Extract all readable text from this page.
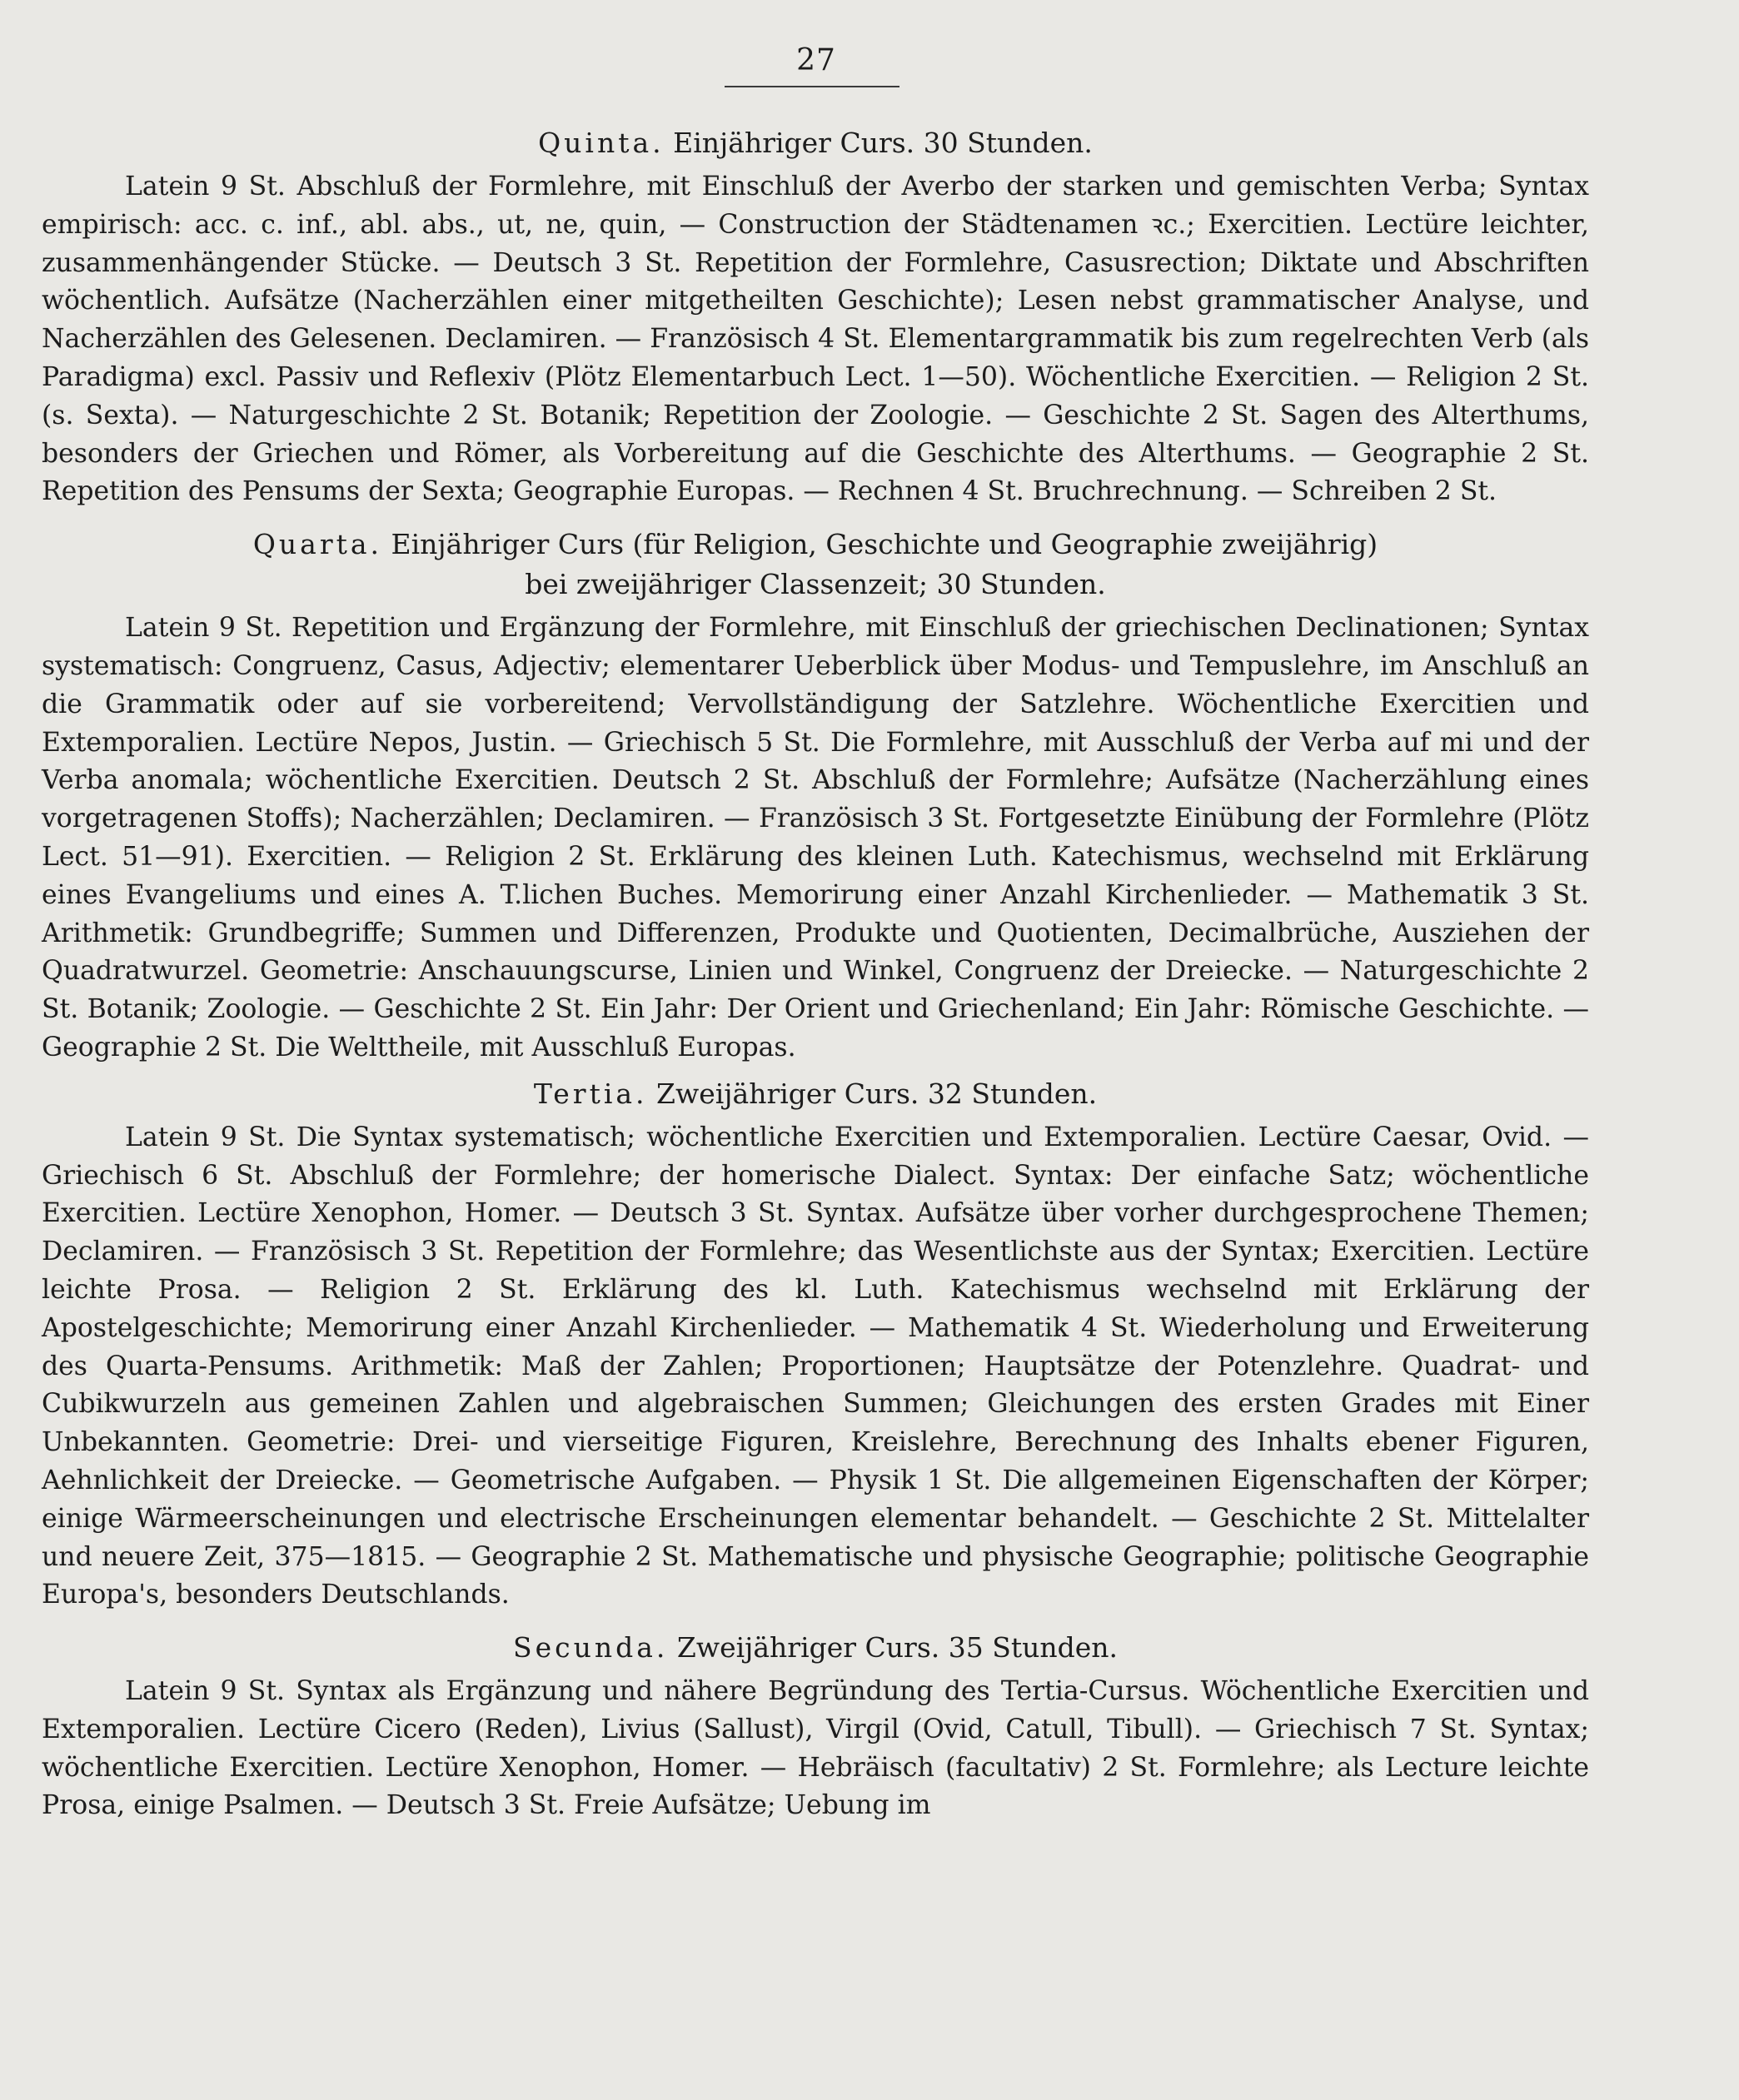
27
Quinta. Einjähriger Curs. 30 Stunden.

Latein 9 St. Abschluß der Formlehre, mit Einschluß der Averbo der starken und gemischten Verba; Syntax empirisch: acc. c. inf., abl. abs., ut, ne, quin, — Construction der Städtenamen ꝛc.; Exercitien. Lectüre leichter, zusammenhängender Stücke. — Deutsch 3 St. Repetition der Formlehre, Casusrection; Diktate und Abschriften wöchentlich. Aufsätze (Nacherzählen einer mitgetheilten Geschichte); Lesen nebst grammatischer Analyse, und Nacherzählen des Gelesenen. Declamiren. — Französisch 4 St. Elementargrammatik bis zum regelrechten Verb (als Paradigma) excl. Passiv und Reflexiv (Plötz Elementarbuch Lect. 1—50). Wöchentliche Exercitien. — Religion 2 St. (s. Sexta). — Naturgeschichte 2 St. Botanik; Repetition der Zoologie. — Geschichte 2 St. Sagen des Alterthums, besonders der Griechen und Römer, als Vorbereitung auf die Geschichte des Alterthums. — Geographie 2 St. Repetition des Pensums der Sexta; Geographie Europas. — Rechnen 4 St. Bruchrechnung. — Schreiben 2 St.

Quarta. Einjähriger Curs (für Religion, Geschichte und Geographie zweijährig)
bei zweijähriger Classenzeit; 30 Stunden.

Latein 9 St. Repetition und Ergänzung der Formlehre, mit Einschluß der griechischen Declinationen; Syntax systematisch: Congruenz, Casus, Adjectiv; elementarer Ueberblick über Modus- und Tempuslehre, im Anschluß an die Grammatik oder auf sie vorbereitend; Vervollständigung der Satzlehre. Wöchentliche Exercitien und Extemporalien. Lectüre Nepos, Justin. — Griechisch 5 St. Die Formlehre, mit Ausschluß der Verba auf mi und der Verba anomala; wöchentliche Exercitien. Deutsch 2 St. Abschluß der Formlehre; Aufsätze (Nacherzählung eines vorgetragenen Stoffs); Nacherzählen; Declamiren. — Französisch 3 St. Fortgesetzte Einübung der Formlehre (Plötz Lect. 51—91). Exercitien. — Religion 2 St. Erklärung des kleinen Luth. Katechismus, wechselnd mit Erklärung eines Evangeliums und eines A. T.lichen Buches. Memorirung einer Anzahl Kirchenlieder. — Mathematik 3 St. Arithmetik: Grundbegriffe; Summen und Differenzen, Produkte und Quotienten, Decimalbrüche, Ausziehen der Quadratwurzel. Geometrie: Anschauungscurse, Linien und Winkel, Congruenz der Dreiecke. — Naturgeschichte 2 St. Botanik; Zoologie. — Geschichte 2 St. Ein Jahr: Der Orient und Griechenland; Ein Jahr: Römische Geschichte. — Geographie 2 St. Die Welttheile, mit Ausschluß Europas.

Tertia. Zweijähriger Curs. 32 Stunden.

Latein 9 St. Die Syntax systematisch; wöchentliche Exercitien und Extemporalien. Lectüre Caesar, Ovid. — Griechisch 6 St. Abschluß der Formlehre; der homerische Dialect. Syntax: Der einfache Satz; wöchentliche Exercitien. Lectüre Xenophon, Homer. — Deutsch 3 St. Syntax. Aufsätze über vorher durchgesprochene Themen; Declamiren. — Französisch 3 St. Repetition der Formlehre; das Wesentlichste aus der Syntax; Exercitien. Lectüre leichte Prosa. — Religion 2 St. Erklärung des kl. Luth. Katechismus wechselnd mit Erklärung der Apostelgeschichte; Memorirung einer Anzahl Kirchenlieder. — Mathematik 4 St. Wiederholung und Erweiterung des Quarta-Pensums. Arithmetik: Maß der Zahlen; Proportionen; Hauptsätze der Potenzlehre. Quadrat- und Cubikwurzeln aus gemeinen Zahlen und algebraischen Summen; Gleichungen des ersten Grades mit Einer Unbekannten. Geometrie: Drei- und vierseitige Figuren, Kreislehre, Berechnung des Inhalts ebener Figuren, Aehnlichkeit der Dreiecke. — Geometrische Aufgaben. — Physik 1 St. Die allgemeinen Eigenschaften der Körper; einige Wärmeerscheinungen und electrische Erscheinungen elementar behandelt. — Geschichte 2 St. Mittelalter und neuere Zeit, 375—1815. — Geographie 2 St. Mathematische und physische Geographie; politische Geographie Europa's, besonders Deutschlands.

Secunda. Zweijähriger Curs. 35 Stunden.

Latein 9 St. Syntax als Ergänzung und nähere Begründung des Tertia-Cursus. Wöchentliche Exercitien und Extemporalien. Lectüre Cicero (Reden), Livius (Sallust), Virgil (Ovid, Catull, Tibull). — Griechisch 7 St. Syntax; wöchentliche Exercitien. Lectüre Xenophon, Homer. — Hebräisch (facultativ) 2 St. Formlehre; als Lecture leichte Prosa, einige Psalmen. — Deutsch 3 St. Freie Aufsätze; Uebung im
